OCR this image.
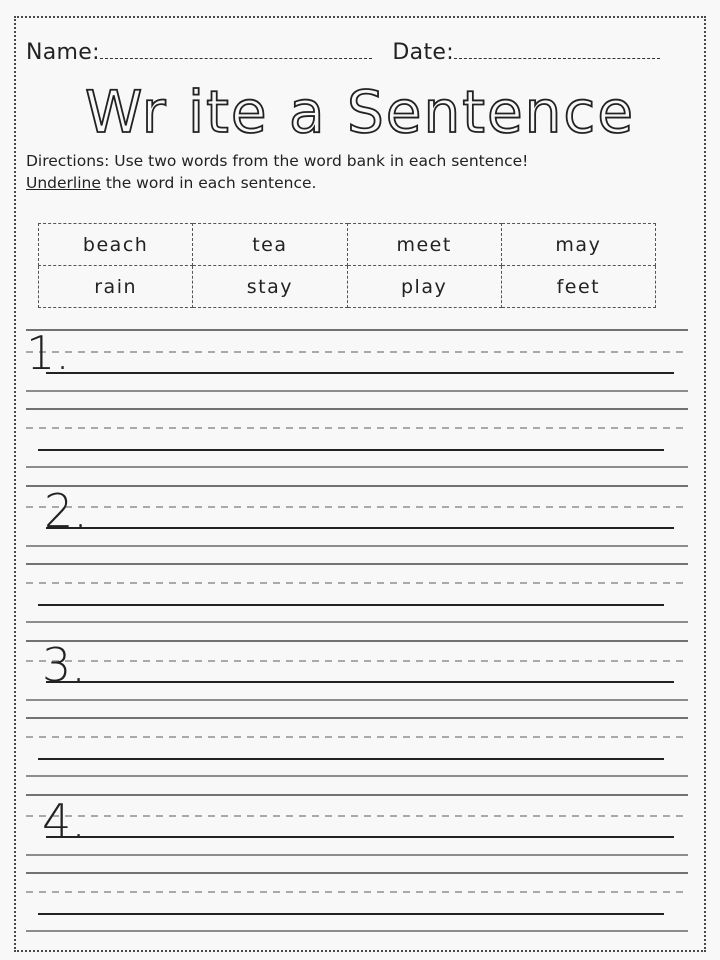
Name:	Date:
Wr ite a Sentence
Directions: Use two words from the word bank in each sentence!
Underline the word in each sentence.
beach	tea	meet	may
rain	stay	play	feet
1.
2.
3.
4.
